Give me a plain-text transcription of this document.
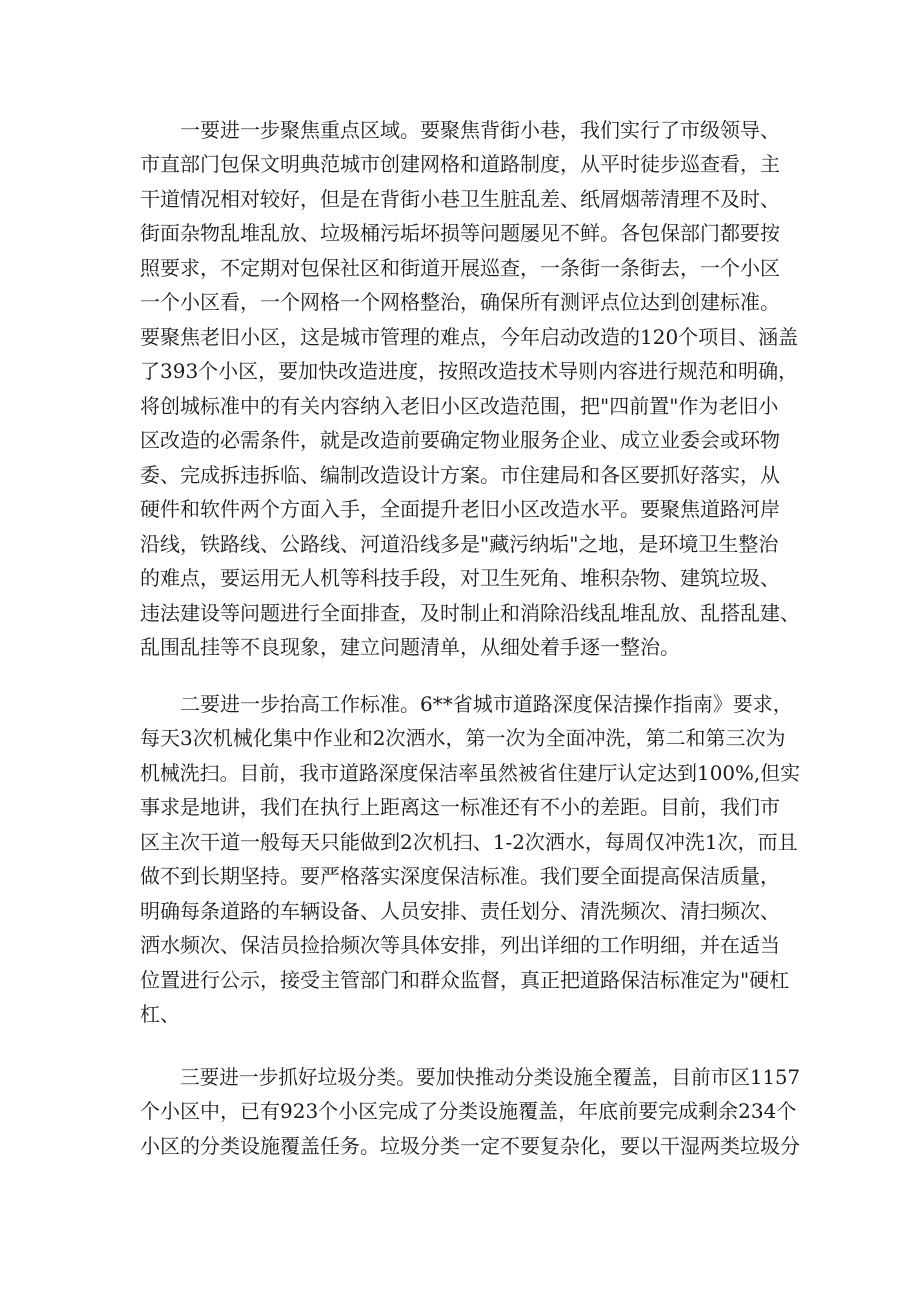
一要进一步聚焦重点区域。要聚焦背街小巷，我们实行了市级领导、
市直部门包保文明典范城市创建网格和道路制度，从平时徒步巡查看，主
干道情况相对较好，但是在背街小巷卫生脏乱差、纸屑烟蒂清理不及时、
街面杂物乱堆乱放、垃圾桶污垢坏损等问题屡见不鲜。各包保部门都要按
照要求，不定期对包保社区和街道开展巡查，一条街一条街去，一个小区
一个小区看，一个网格一个网格整治，确保所有测评点位达到创建标准。
要聚焦老旧小区，这是城市管理的难点，今年启动改造的120个项目、涵盖
了393个小区，要加快改造进度，按照改造技术导则内容进行规范和明确，
将创城标准中的有关内容纳入老旧小区改造范围，把"四前置"作为老旧小
区改造的必需条件，就是改造前要确定物业服务企业、成立业委会或环物
委、完成拆违拆临、编制改造设计方案。市住建局和各区要抓好落实，从
硬件和软件两个方面入手，全面提升老旧小区改造水平。要聚焦道路河岸
沿线，铁路线、公路线、河道沿线多是"藏污纳垢"之地，是环境卫生整治
的难点，要运用无人机等科技手段，对卫生死角、堆积杂物、建筑垃圾、
违法建设等问题进行全面排查，及时制止和消除沿线乱堆乱放、乱搭乱建、
乱围乱挂等不良现象，建立问题清单，从细处着手逐一整治。
二要进一步抬高工作标准。6**省城市道路深度保洁操作指南》要求，
每天3次机械化集中作业和2次洒水，第一次为全面冲洗，第二和第三次为
机械洗扫。目前，我市道路深度保洁率虽然被省住建厅认定达到100%,但实
事求是地讲，我们在执行上距离这一标准还有不小的差距。目前，我们市
区主次干道一般每天只能做到2次机扫、1-2次洒水，每周仅冲洗1次，而且
做不到长期坚持。要严格落实深度保洁标准。我们要全面提高保洁质量，
明确每条道路的车辆设备、人员安排、责任划分、清洗频次、清扫频次、
洒水频次、保洁员捡拾频次等具体安排，列出详细的工作明细，并在适当
位置进行公示，接受主管部门和群众监督，真正把道路保洁标准定为"硬杠
杠、
三要进一步抓好垃圾分类。要加快推动分类设施全覆盖，目前市区1157
个小区中，已有923个小区完成了分类设施覆盖，年底前要完成剩余234个
小区的分类设施覆盖任务。垃圾分类一定不要复杂化，要以干湿两类垃圾分
